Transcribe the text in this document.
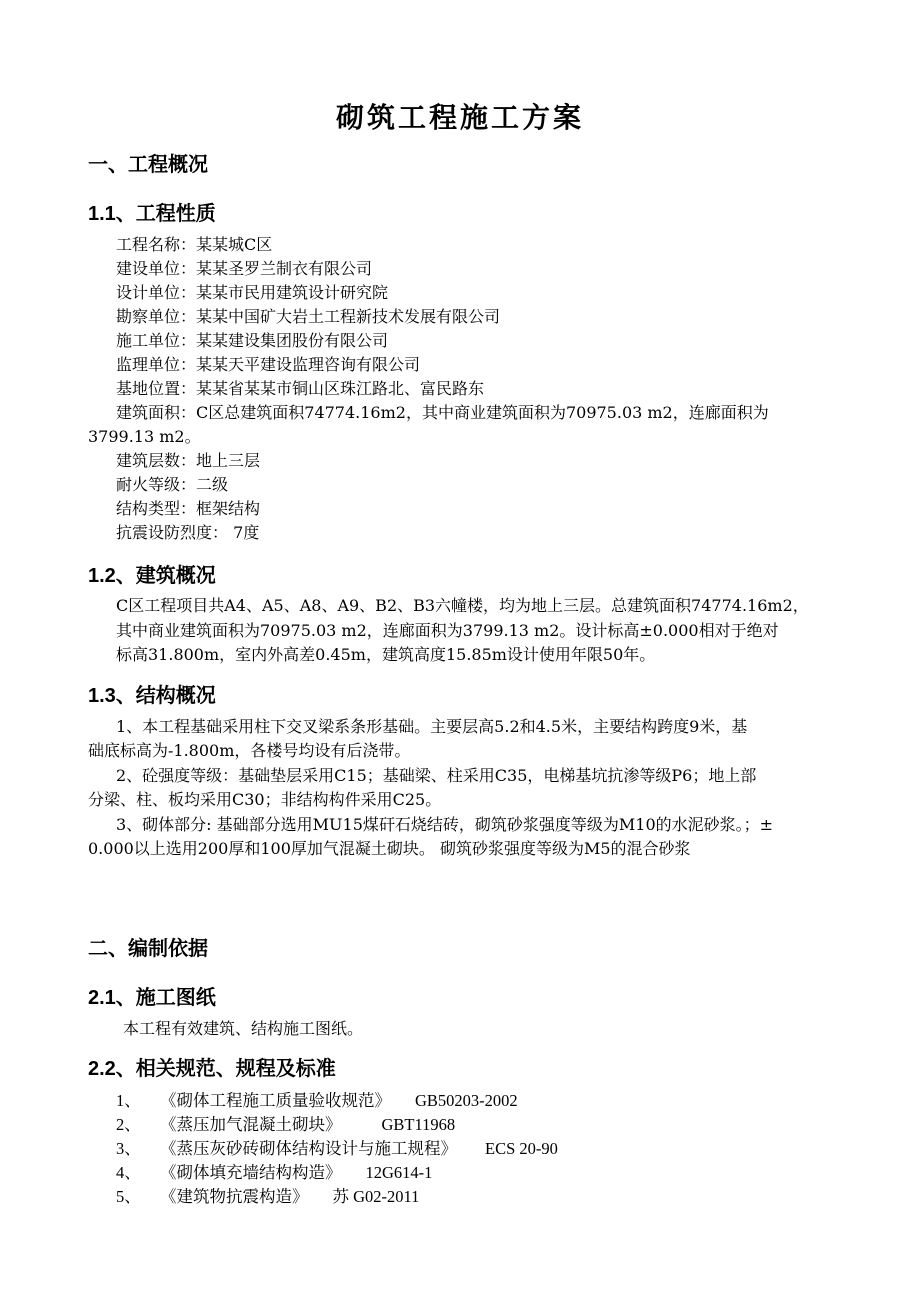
砌筑工程施工方案
一、工程概况
1.1、工程性质
工程名称：某某城C区
建设单位：某某圣罗兰制衣有限公司
设计单位：某某市民用建筑设计研究院
勘察单位：某某中国矿大岩土工程新技术发展有限公司
施工单位：某某建设集团股份有限公司
监理单位：某某天平建设监理咨询有限公司
基地位置：某某省某某市铜山区珠江路北、富民路东
建筑面积：C区总建筑面积74774.16m2，其中商业建筑面积为70975.03 m2，连廊面积为
3799.13 m2。
建筑层数：地上三层
耐火等级：二级
结构类型：框架结构
抗震设防烈度： 7度
1.2、建筑概况
C区工程项目共A4、A5、A8、A9、B2、B3六幢楼，均为地上三层。总建筑面积74774.16m2，
其中商业建筑面积为70975.03 m2，连廊面积为3799.13 m2。设计标高±0.000相对于绝对
标高31.800m，室内外高差0.45m，建筑高度15.85m设计使用年限50年。
1.3、结构概况
1、本工程基础采用柱下交叉梁系条形基础。主要层高5.2和4.5米，主要结构跨度9米，基
础底标高为-1.800m，各楼号均设有后浇带。
2、砼强度等级：基础垫层采用C15；基础梁、柱采用C35，电梯基坑抗渗等级P6；地上部
分梁、柱、板均采用C30；非结构构件采用C25。
3、砌体部分: 基础部分选用MU15煤矸石烧结砖，砌筑砂浆强度等级为M10的水泥砂浆。；±
0.000以上选用200厚和100厚加气混凝土砌块。 砌筑砂浆强度等级为M5的混合砂浆
二、编制依据
2.1、施工图纸
本工程有效建筑、结构施工图纸。
2.2、相关规范、规程及标准
1、 《砌体工程施工质量验收规范》 GB50203-2002
2、 《蒸压加气混凝土砌块》 GBT11968
3、 《蒸压灰砂砖砌体结构设计与施工规程》 ECS 20-90
4、 《砌体填充墙结构构造》 12G614-1
5、 《建筑物抗震构造》 苏 G02-2011
